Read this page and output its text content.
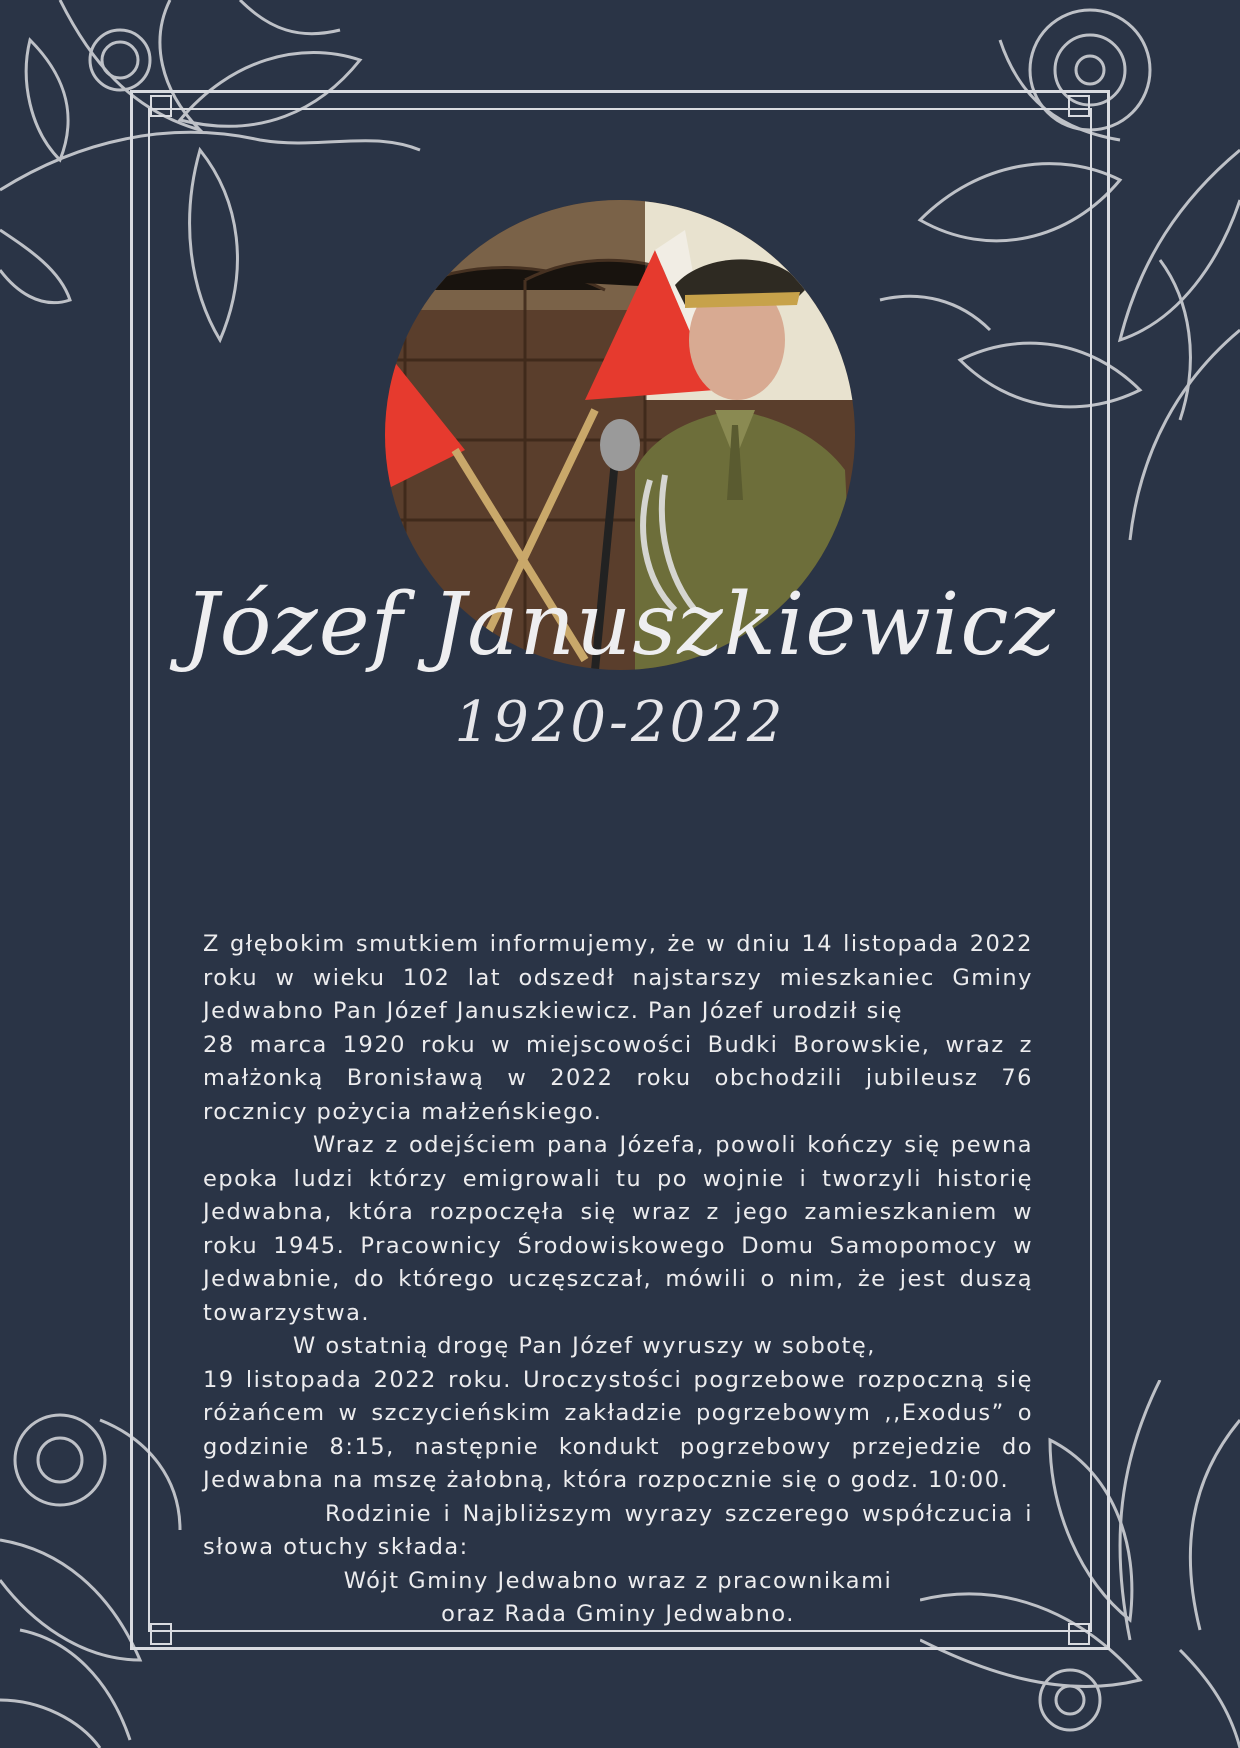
Józef Januszkiewicz
1920-2022

Z głębokim smutkiem informujemy, że w dniu 14 listopada 2022 roku w wieku 102 lat odszedł najstarszy mieszkaniec Gminy Jedwabno Pan Józef Januszkiewicz. Pan Józef urodził się

28 marca 1920 roku w miejscowości Budki Borowskie, wraz z małżonką Bronisławą w 2022 roku obchodzili jubileusz 76 rocznicy pożycia małżeńskiego.

Wraz z odejściem pana Józefa, powoli kończy się pewna epoka ludzi którzy emigrowali tu po wojnie i tworzyli historię Jedwabna, która rozpoczęła się wraz z jego zamieszkaniem w roku 1945. Pracownicy Środowiskowego Domu Samopomocy w Jedwabnie, do którego uczęszczał, mówili o nim, że jest duszą towarzystwa.

W ostatnią drogę Pan Józef wyruszy w sobotę,

19 listopada 2022 roku. Uroczystości pogrzebowe rozpoczną się różańcem w szczycieńskim zakładzie pogrzebowym ,,Exodus” o godzinie 8:15, następnie kondukt pogrzebowy przejedzie do Jedwabna na mszę żałobną, która rozpocznie się o godz. 10:00.

Rodzinie i Najbliższym wyrazy szczerego współczucia i słowa otuchy składa:

Wójt Gminy Jedwabno wraz z pracownikami

oraz Rada Gminy Jedwabno.
